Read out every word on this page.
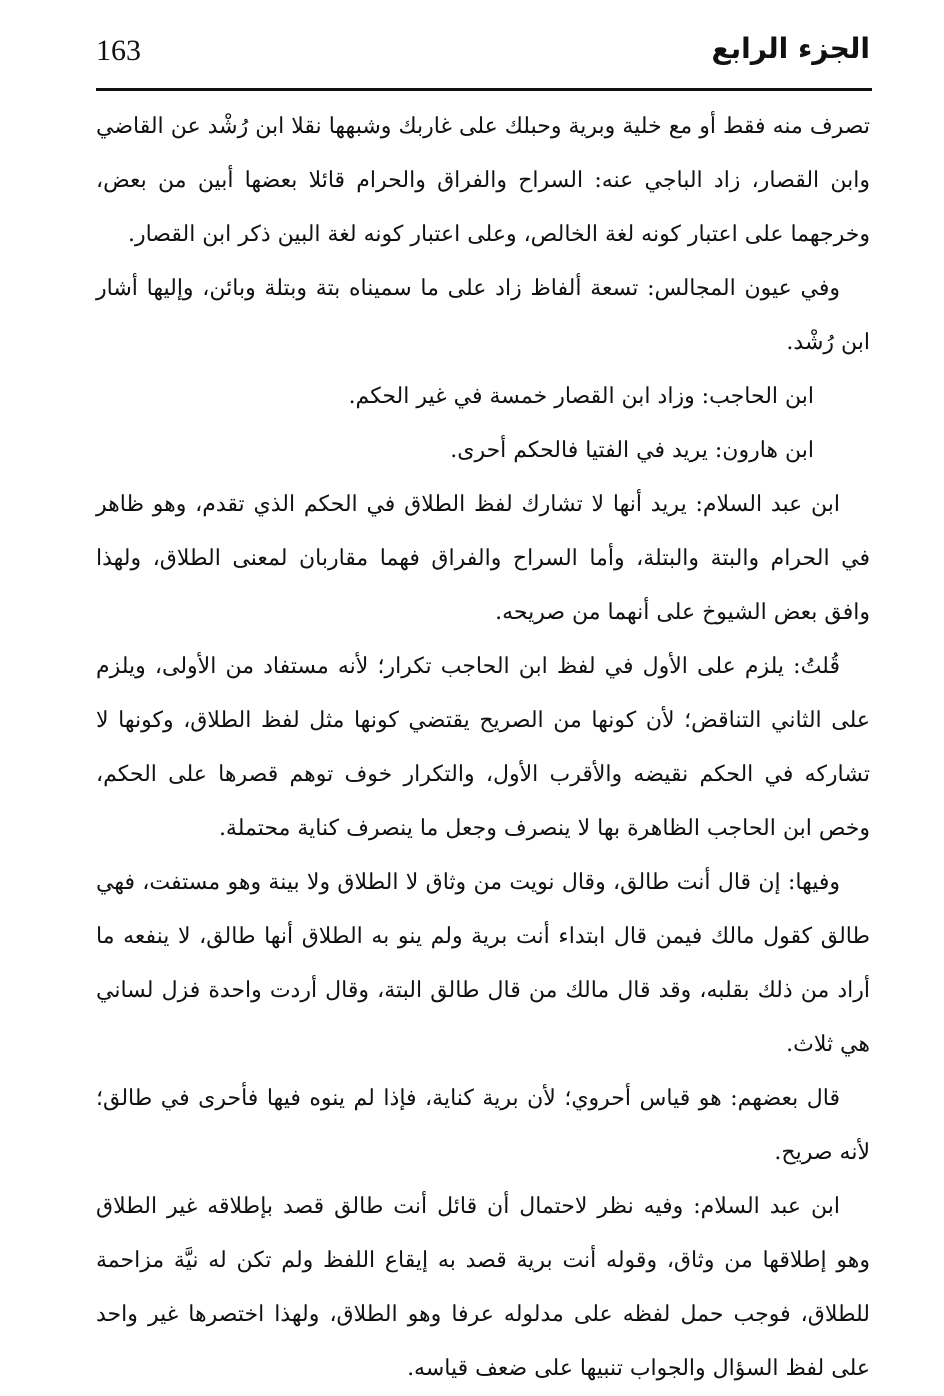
163	الجزء الرابع

تصرف منه فقط أو مع خلية وبرية وحبلك على غاربك وشبهها نقلا ابن رُشْد عن القاضي وابن القصار، زاد الباجي عنه: السراح والفراق والحرام قائلا بعضها أبين من بعض، وخرجهما على اعتبار كونه لغة الخالص، وعلى اعتبار كونه لغة البين ذكر ابن القصار.

وفي عيون المجالس: تسعة ألفاظ زاد على ما سميناه بتة وبتلة وبائن، وإليها أشار ابن رُشْد.

ابن الحاجب: وزاد ابن القصار خمسة في غير الحكم.

ابن هارون: يريد في الفتيا فالحكم أحرى.

ابن عبد السلام: يريد أنها لا تشارك لفظ الطلاق في الحكم الذي تقدم، وهو ظاهر في الحرام والبتة والبتلة، وأما السراح والفراق فهما مقاربان لمعنى الطلاق، ولهذا وافق بعض الشيوخ على أنهما من صريحه.

قُلتُ: يلزم على الأول في لفظ ابن الحاجب تكرار؛ لأنه مستفاد من الأولى، ويلزم على الثاني التناقض؛ لأن كونها من الصريح يقتضي كونها مثل لفظ الطلاق، وكونها لا تشاركه في الحكم نقيضه والأقرب الأول، والتكرار خوف توهم قصرها على الحكم، وخص ابن الحاجب الظاهرة بها لا ينصرف وجعل ما ينصرف كناية محتملة.

وفيها: إن قال أنت طالق، وقال نويت من وثاق لا الطلاق ولا بينة وهو مستفت، فهي طالق كقول مالك فيمن قال ابتداء أنت برية ولم ينو به الطلاق أنها طالق، لا ينفعه ما أراد من ذلك بقلبه، وقد قال مالك من قال طالق البتة، وقال أردت واحدة فزل لساني هي ثلاث.

قال بعضهم: هو قياس أحروي؛ لأن برية كناية، فإذا لم ينوه فيها فأحرى في طالق؛ لأنه صريح.

ابن عبد السلام: وفيه نظر لاحتمال أن قائل أنت طالق قصد بإطلاقه غير الطلاق وهو إطلاقها من وثاق، وقوله أنت برية قصد به إيقاع اللفظ ولم تكن له نيَّة مزاحمة للطلاق، فوجب حمل لفظه على مدلوله عرفا وهو الطلاق، ولهذا اختصرها غير واحد على لفظ السؤال والجواب تنبيها على ضعف قياسه.
